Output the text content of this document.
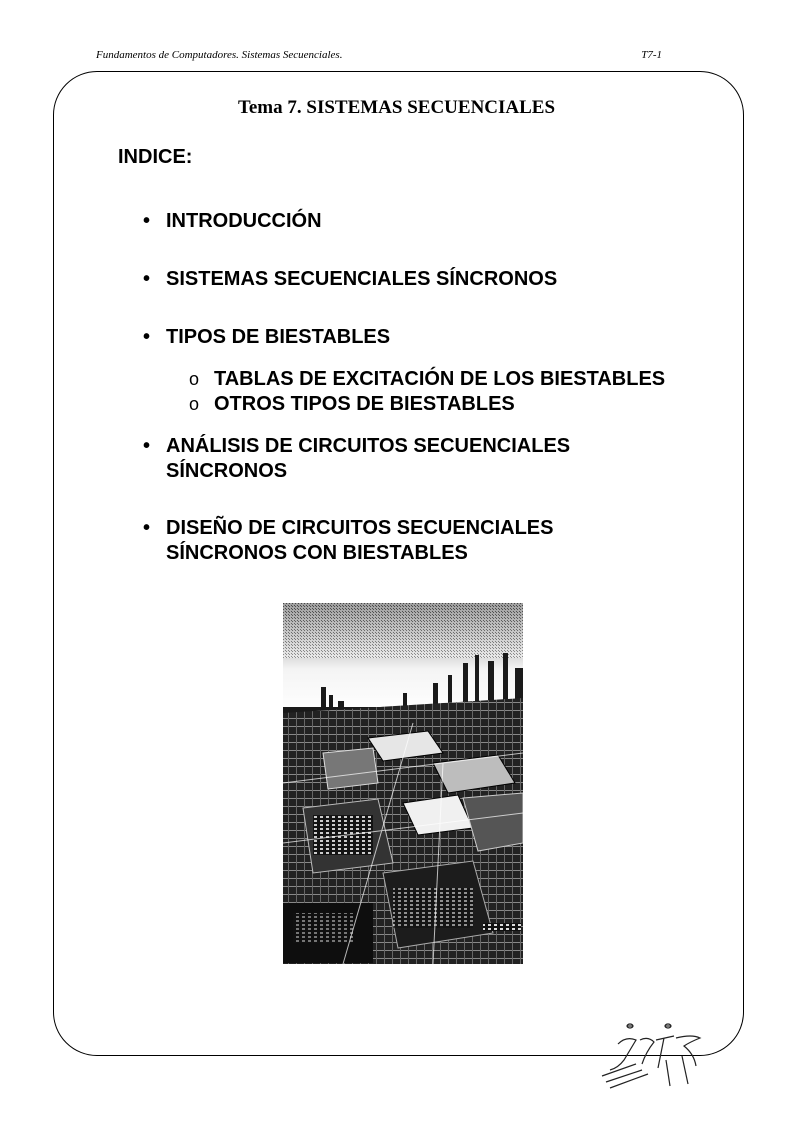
Fundamentos de Computadores. Sistemas Secuenciales.	T7-1
Tema 7. SISTEMAS SECUENCIALES
INDICE:
• INTRODUCCIÓN
• SISTEMAS SECUENCIALES SÍNCRONOS
• TIPOS DE BIESTABLES
o TABLAS DE EXCITACIÓN DE LOS BIESTABLES
o OTROS TIPOS DE BIESTABLES
• ANÁLISIS DE CIRCUITOS SECUENCIALES
SÍNCRONOS
• DISEÑO DE CIRCUITOS SECUENCIALES
SÍNCRONOS CON BIESTABLES
